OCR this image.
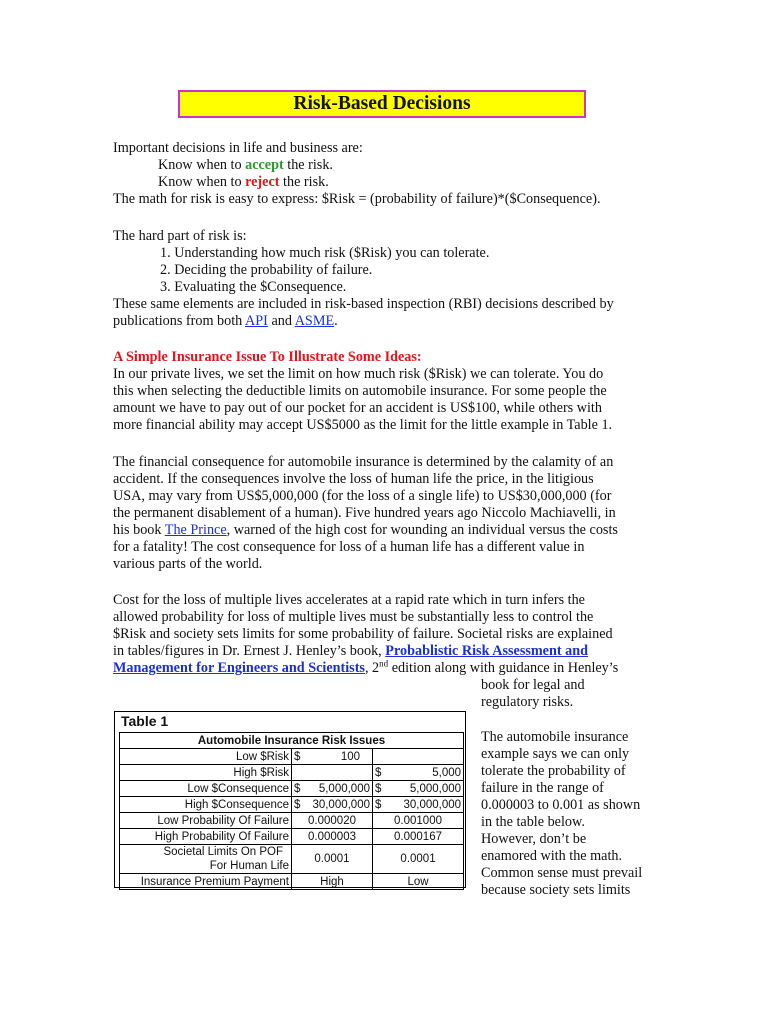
Risk-Based Decisions
Important decisions in life and business are:
Know when to accept the risk.
Know when to reject the risk.
The math for risk is easy to express: $Risk = (probability of failure)*($Consequence).
The hard part of risk is:
1. Understanding how much risk ($Risk) you can tolerate.
2. Deciding the probability of failure.
3. Evaluating the $Consequence.
These same elements are included in risk-based inspection (RBI) decisions described by
publications from both API and ASME.
A Simple Insurance Issue To Illustrate Some Ideas:
In our private lives, we set the limit on how much risk ($Risk) we can tolerate. You do
this when selecting the deductible limits on automobile insurance. For some people the
amount we have to pay out of our pocket for an accident is US$100, while others with
more financial ability may accept US$5000 as the limit for the little example in Table 1.
The financial consequence for automobile insurance is determined by the calamity of an
accident. If the consequences involve the loss of human life the price, in the litigious
USA, may vary from US$5,000,000 (for the loss of a single life) to US$30,000,000 (for
the permanent disablement of a human). Five hundred years ago Niccolo Machiavelli, in
his book The Prince, warned of the high cost for wounding an individual versus the costs
for a fatality! The cost consequence for loss of a human life has a different value in
various parts of the world.
Cost for the loss of multiple lives accelerates at a rapid rate which in turn infers the
allowed probability for loss of multiple lives must be substantially less to control the
$Risk and society sets limits for some probability of failure. Societal risks are explained
in tables/figures in Dr. Ernest J. Henley’s book, Probablistic Risk Assessment and
Management for Engineers and Scientists, 2nd edition along with guidance in Henley’s
book for legal and
regulatory risks.
The automobile insurance
example says we can only
tolerate the probability of
failure in the range of
0.000003 to 0.001 as shown
in the table below.
However, don’t be
enamored with the math.
Common sense must prevail
because society sets limits
Table 1
Automobile Insurance Risk Issues		
Low $Risk	$ 100	

High $Risk		$ 5,000

Low $Consequence	$ 5,000,000	$ 5,000,000

High $Consequence	$ 30,000,000	$ 30,000,000

Low Probability Of Failure	0.000020	0.001000
High Probability Of Failure	0.000003	0.000167

Societal Limits On POF
For Human Life	0.0001	0.0001
Insurance Premium Payment	High	Low
